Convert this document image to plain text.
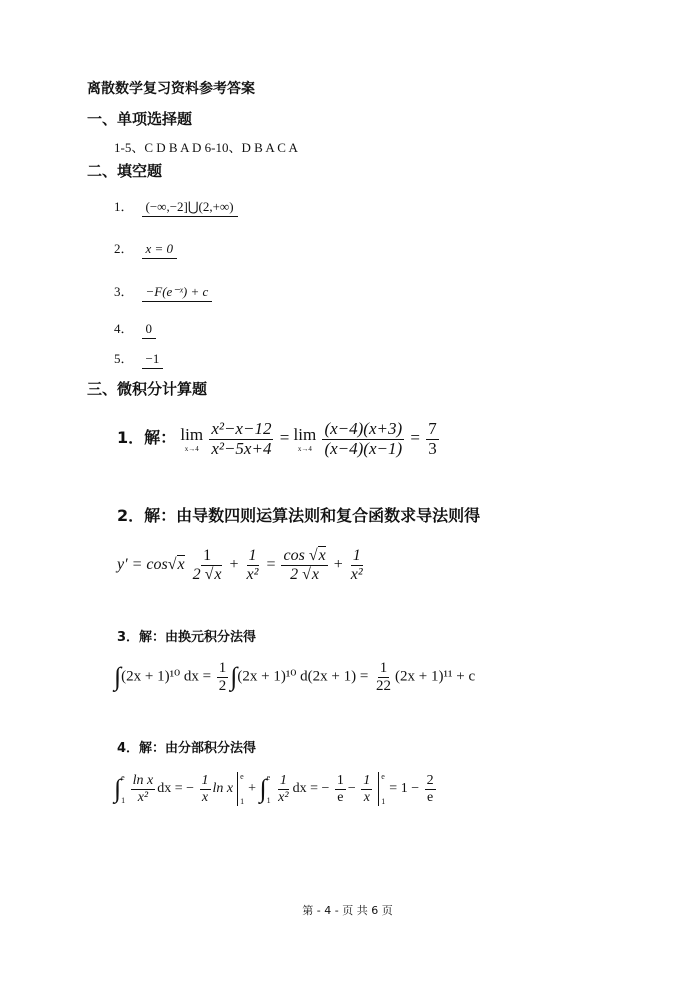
离散数学复习资料参考答案
一、单项选择题
1-5、C D B A D 6-10、D B A C A
二、填空题
1． (−∞,−2]⋃(2,+∞)
2． x = 0
3． −F(e⁻ˣ) + c
4． 0
5． −1
三、微积分计算题
1．解： lim
x→4
$\frac{\text{x²−x−12}}{\text{x²−5x+4}} = \lim$
x→4
$\frac{(x-4)(x+3)}{(x-4)(x-1)} = \frac{7}{3}$
2．解：由导数四则运算法则和复合函数求导法则得
$y' = \cos√x \frac{1}{2 √x} + \frac{1}{\text{x²}} = \frac{\cos √x}{2 √x} + \frac{1}{\text{x²}}$
3．解：由换元积分法得
∫(2x + 1)¹⁰ dx = $\frac{1}{2} \int(2x + 1)^{10}$ $d(2x + 1) = \frac{1}{22} (2x + 1)^{11} + c$
4．解：由分部积分法得
∫ e
1
$\frac{\text{ln x}}{\text{x²}}$ dx = − $\frac{1}{x}$ ln x
e
1
+ ∫ e
1
$\frac{1}{\text{x²}}$ dx = − $\frac{1}{e} - \frac{1}{x}$ e
1
= $1 - \frac{2}{e}$
第 - 4 - 页 共 6 页
